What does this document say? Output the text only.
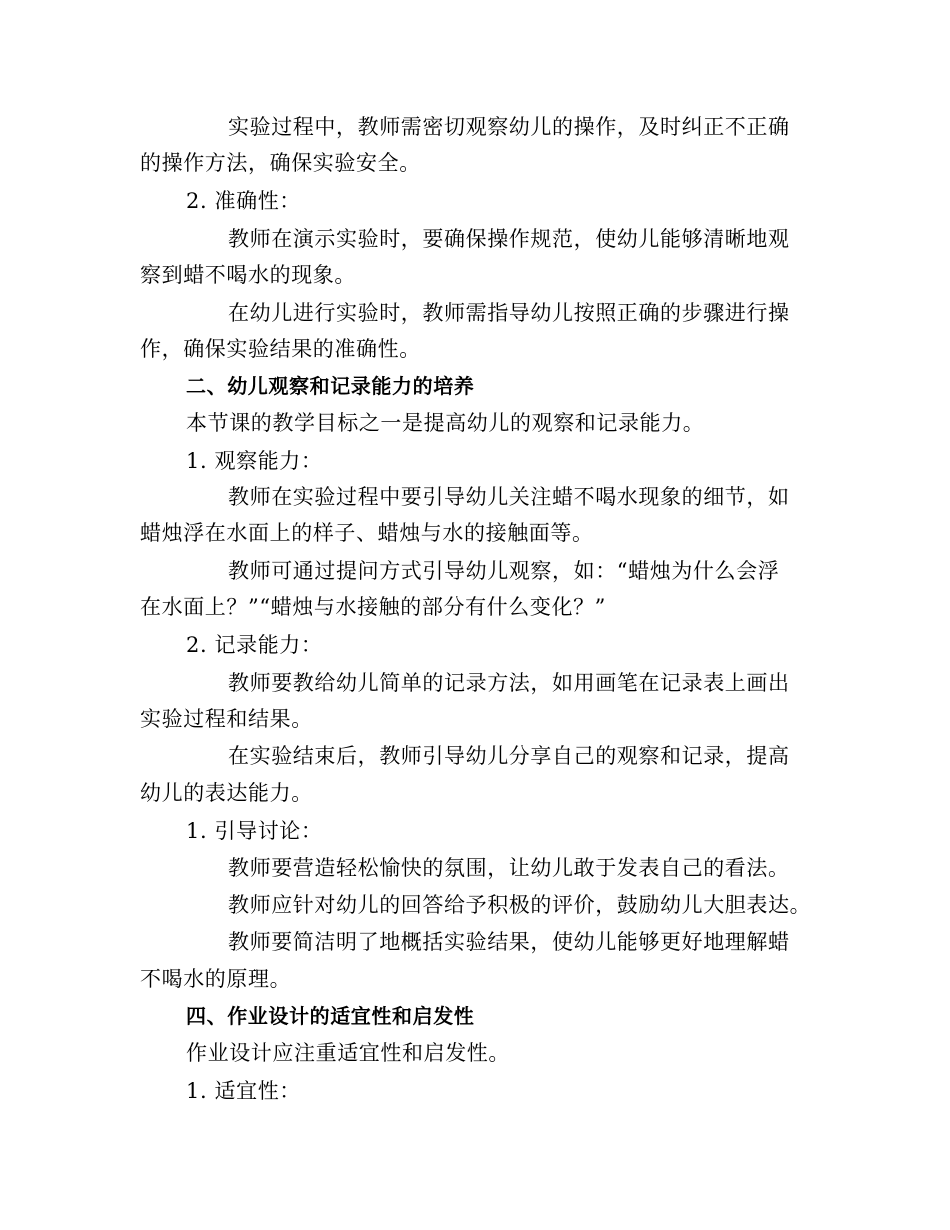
实验过程中，教师需密切观察幼儿的操作，及时纠正不正确
的操作方法，确保实验安全。
2. 准确性：
教师在演示实验时，要确保操作规范，使幼儿能够清晰地观
察到蜡不喝水的现象。
在幼儿进行实验时，教师需指导幼儿按照正确的步骤进行操
作，确保实验结果的准确性。
二、幼儿观察和记录能力的培养
本节课的教学目标之一是提高幼儿的观察和记录能力。
1. 观察能力：
教师在实验过程中要引导幼儿关注蜡不喝水现象的细节，如
蜡烛浮在水面上的样子、蜡烛与水的接触面等。
教师可通过提问方式引导幼儿观察，如：“蜡烛为什么会浮
在水面上？”“蜡烛与水接触的部分有什么变化？”
2. 记录能力：
教师要教给幼儿简单的记录方法，如用画笔在记录表上画出
实验过程和结果。
在实验结束后，教师引导幼儿分享自己的观察和记录，提高
幼儿的表达能力。
1. 引导讨论：
教师要营造轻松愉快的氛围，让幼儿敢于发表自己的看法。
教师应针对幼儿的回答给予积极的评价，鼓励幼儿大胆表达。
教师要简洁明了地概括实验结果，使幼儿能够更好地理解蜡
不喝水的原理。
四、作业设计的适宜性和启发性
作业设计应注重适宜性和启发性。
1. 适宜性：
